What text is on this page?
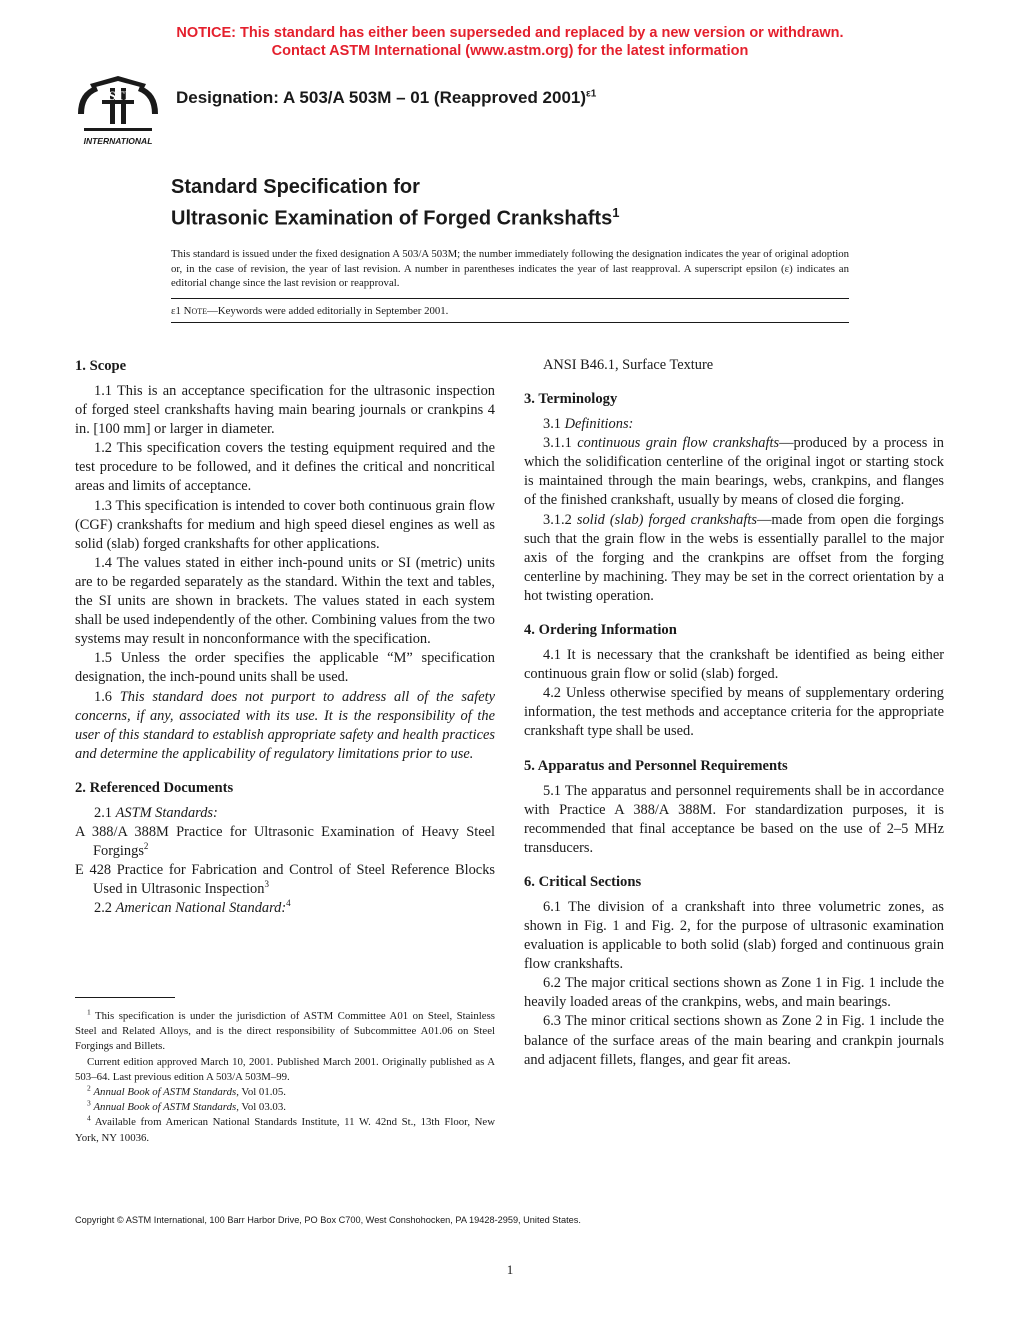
NOTICE: This standard has either been superseded and replaced by a new version or withdrawn.
Contact ASTM International (www.astm.org) for the latest information
ASTM
INTERNATIONAL
Designation: A 503/A 503M – 01 (Reapproved 2001)$^{\varepsilon 1}$
Standard Specification for
Ultrasonic Examination of Forged Crankshafts$^1$
This standard is issued under the fixed designation A 503/A 503M; the number immediately following the designation indicates the year of original adoption or, in the case of revision, the year of last revision. A number in parentheses indicates the year of last reapproval. A superscript epsilon (ε) indicates an editorial change since the last revision or reapproval.
ε1 Note—Keywords were added editorially in September 2001.
1. Scope

1.1 This is an acceptance specification for the ultrasonic inspection of forged steel crankshafts having main bearing journals or crankpins 4 in. [100 mm] or larger in diameter.

1.2 This specification covers the testing equipment required and the test procedure to be followed, and it defines the critical and noncritical areas and limits of acceptance.

1.3 This specification is intended to cover both continuous grain flow (CGF) crankshafts for medium and high speed diesel engines as well as solid (slab) forged crankshafts for other applications.

1.4 The values stated in either inch-pound units or SI (metric) units are to be regarded separately as the standard. Within the text and tables, the SI units are shown in brackets. The values stated in each system shall be used independently of the other. Combining values from the two systems may result in nonconformance with the specification.

1.5 Unless the order specifies the applicable “M” specification designation, the inch-pound units shall be used.

1.6 This standard does not purport to address all of the safety concerns, if any, associated with its use. It is the responsibility of the user of this standard to establish appropriate safety and health practices and determine the applicability of regulatory limitations prior to use.

2. Referenced Documents

2.1 ASTM Standards:

A 388/A 388M Practice for Ultrasonic Examination of Heavy Steel Forgings$^2$

E 428 Practice for Fabrication and Control of Steel Reference Blocks Used in Ultrasonic Inspection$^3$

2.2 American National Standard:$^4$

$^1$ This specification is under the jurisdiction of ASTM Committee A01 on Steel, Stainless Steel and Related Alloys, and is the direct responsibility of Subcommittee A01.06 on Steel Forgings and Billets.

Current edition approved March 10, 2001. Published March 2001. Originally published as A 503–64. Last previous edition A 503/A 503M–99.

$^2$ Annual Book of ASTM Standards, Vol 01.05.

$^3$ Annual Book of ASTM Standards, Vol 03.03.

$^4$ Available from American National Standards Institute, 11 W. 42nd St., 13th Floor, New York, NY 10036.

ANSI B46.1, Surface Texture

3. Terminology

3.1 Definitions:

3.1.1 continuous grain flow crankshafts—produced by a process in which the solidification centerline of the original ingot or starting stock is maintained through the main bearings, webs, crankpins, and flanges of the finished crankshaft, usually by means of closed die forging.

3.1.2 solid (slab) forged crankshafts—made from open die forgings such that the grain flow in the webs is essentially parallel to the major axis of the forging and the crankpins are offset from the forging centerline by machining. They may be set in the correct orientation by a hot twisting operation.

4. Ordering Information

4.1 It is necessary that the crankshaft be identified as being either continuous grain flow or solid (slab) forged.

4.2 Unless otherwise specified by means of supplementary ordering information, the test methods and acceptance criteria for the appropriate crankshaft type shall be used.

5. Apparatus and Personnel Requirements

5.1 The apparatus and personnel requirements shall be in accordance with Practice A 388/A 388M. For standardization purposes, it is recommended that final acceptance be based on the use of 2–5 MHz transducers.

6. Critical Sections

6.1 The division of a crankshaft into three volumetric zones, as shown in Fig. 1 and Fig. 2, for the purpose of ultrasonic examination evaluation is applicable to both solid (slab) forged and continuous grain flow crankshafts.

6.2 The major critical sections shown as Zone 1 in Fig. 1 include the heavily loaded areas of the crankpins, webs, and main bearings.

6.3 The minor critical sections shown as Zone 2 in Fig. 1 include the balance of the surface areas of the main bearing and crankpin journals and adjacent fillets, flanges, and gear fit areas.

Copyright © ASTM International, 100 Barr Harbor Drive, PO Box C700, West Conshohocken, PA 19428-2959, United States.
1
